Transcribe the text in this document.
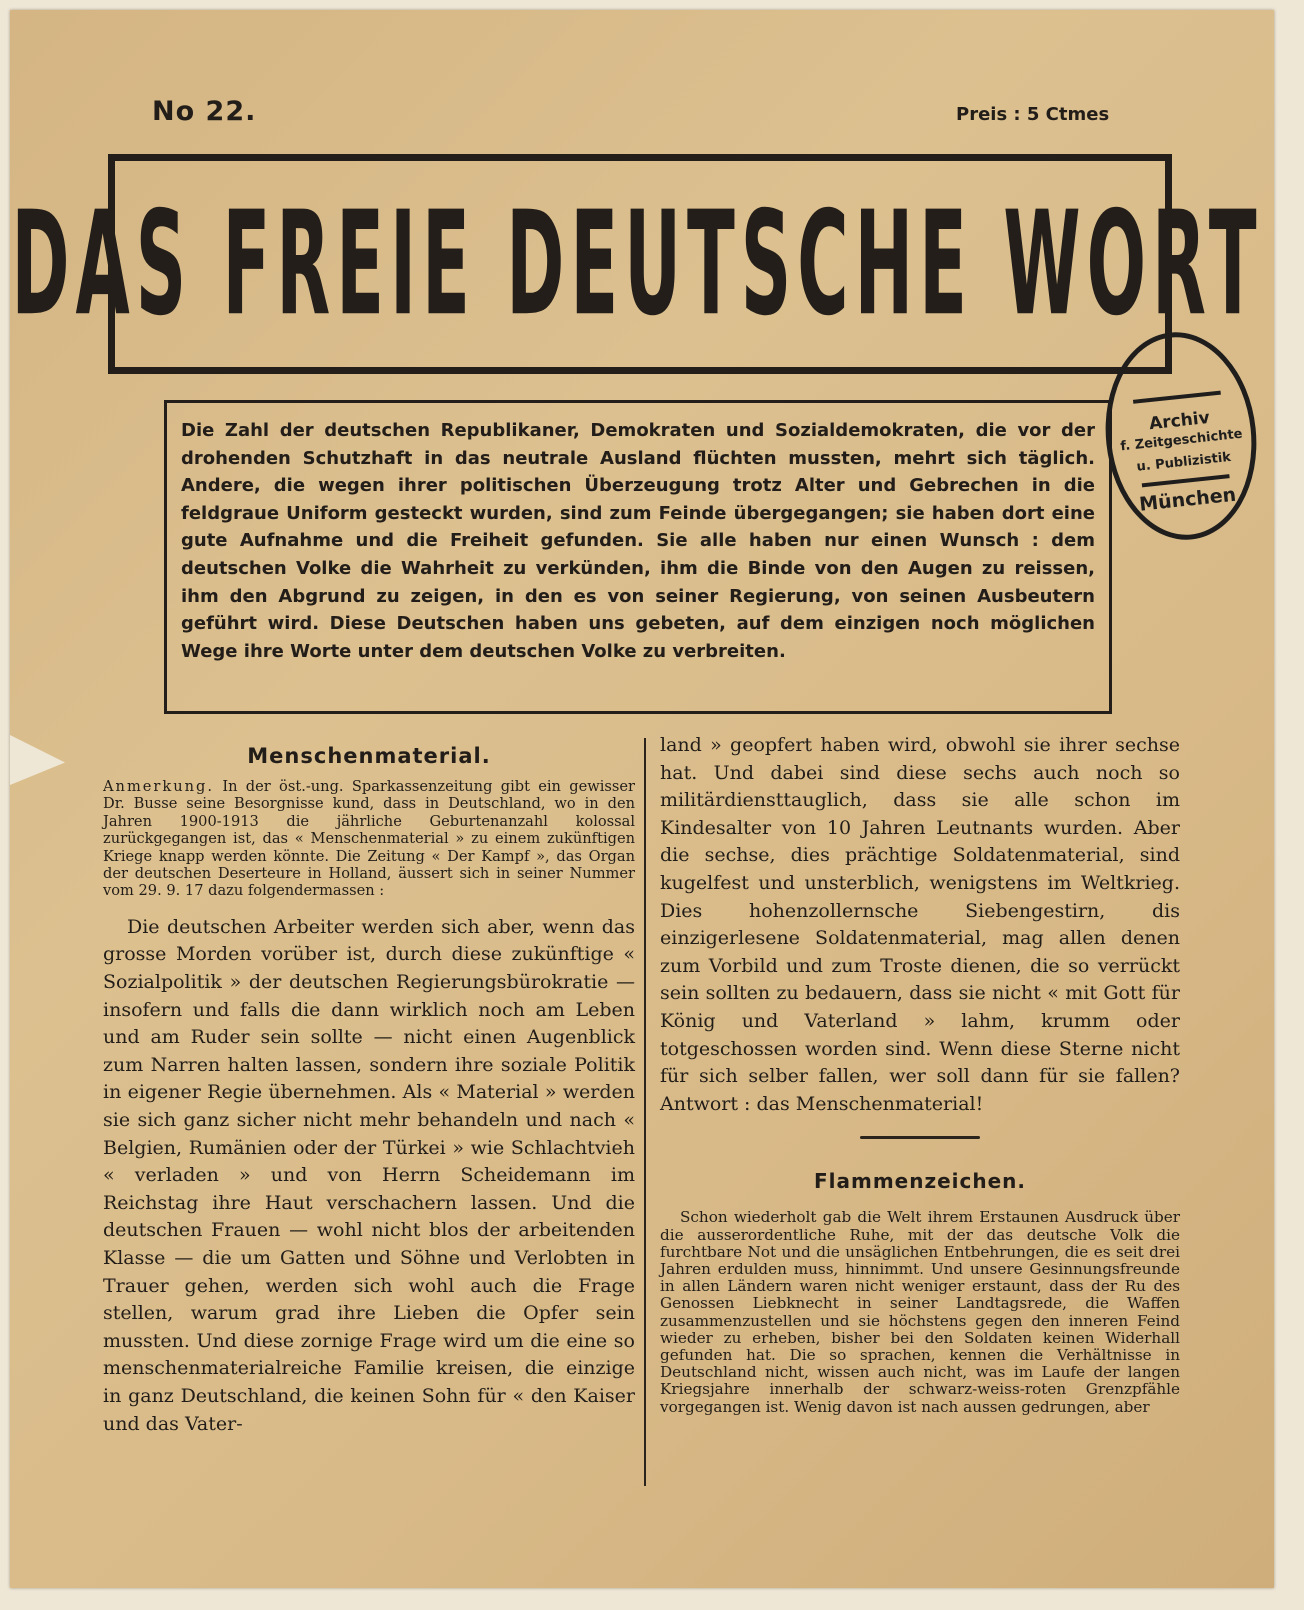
No 22.	Preis : 5 Ctmes
DAS FREIE DEUTSCHE WORT

Die Zahl der deutschen Republikaner, Demokraten und Sozialdemokraten, die vor der drohenden Schutzhaft in das neutrale Ausland flüchten mussten, mehrt sich täglich. Andere, die wegen ihrer politischen Überzeugung trotz Alter und Gebrechen in die feldgraue Uniform gesteckt wurden, sind zum Feinde übergegangen; sie haben dort eine gute Aufnahme und die Freiheit gefunden. Sie alle haben nur einen Wunsch : dem deutschen Volke die Wahrheit zu verkünden, ihm die Binde von den Augen zu reissen, ihm den Abgrund zu zeigen, in den es von seiner Regierung, von seinen Ausbeutern geführt wird. Diese Deutschen haben uns gebeten, auf dem einzigen noch möglichen Wege ihre Worte unter dem deutschen Volke zu verbreiten.

Archiv
f. Zeitgeschichte
u. Publizistik
München
Menschenmaterial.

Anmerkung. In der öst.-ung. Sparkassenzeitung gibt ein gewisser Dr. Busse seine Besorgnisse kund, dass in Deutschland, wo in den Jahren 1900-1913 die jährliche Geburtenanzahl kolossal zurückgegangen ist, das « Menschenmaterial » zu einem zukünftigen Kriege knapp werden könnte. Die Zeitung « Der Kampf », das Organ der deutschen Deserteure in Holland, äussert sich in seiner Nummer vom 29. 9. 17 dazu folgendermassen :

Die deutschen Arbeiter werden sich aber, wenn das grosse Morden vorüber ist, durch diese zukünftige « Sozialpolitik » der deutschen Regierungsbürokratie — insofern und falls die dann wirklich noch am Leben und am Ruder sein sollte — nicht einen Augenblick zum Narren halten lassen, sondern ihre soziale Politik in eigener Regie übernehmen. Als « Material » werden sie sich ganz sicher nicht mehr behandeln und nach « Belgien, Rumänien oder der Türkei » wie Schlachtvieh « verladen » und von Herrn Scheidemann im Reichstag ihre Haut verschachern lassen. Und die deutschen Frauen — wohl nicht blos der arbeitenden Klasse — die um Gatten und Söhne und Verlobten in Trauer gehen, werden sich wohl auch die Frage stellen, warum grad ihre Lieben die Opfer sein mussten. Und diese zornige Frage wird um die eine so menschenmaterialreiche Familie kreisen, die einzige in ganz Deutschland, die keinen Sohn für « den Kaiser und das Vater-

land » geopfert haben wird, obwohl sie ihrer sechse hat. Und dabei sind diese sechs auch noch so militärdiensttauglich, dass sie alle schon im Kindesalter von 10 Jahren Leutnants wurden. Aber die sechse, dies prächtige Soldatenmaterial, sind kugelfest und unsterblich, wenigstens im Weltkrieg. Dies hohenzollernsche Siebengestirn, dis einzigerlesene Soldatenmaterial, mag allen denen zum Vorbild und zum Troste dienen, die so verrückt sein sollten zu bedauern, dass sie nicht « mit Gott für König und Vaterland » lahm, krumm oder totgeschossen worden sind. Wenn diese Sterne nicht für sich selber fallen, wer soll dann für sie fallen? Antwort : das Menschenmaterial!

Flammenzeichen.

Schon wiederholt gab die Welt ihrem Erstaunen Ausdruck über die ausserordentliche Ruhe, mit der das deutsche Volk die furchtbare Not und die unsäglichen Entbehrungen, die es seit drei Jahren erdulden muss, hinnimmt. Und unsere Gesinnungsfreunde in allen Ländern waren nicht weniger erstaunt, dass der Ru des Genossen Liebknecht in seiner Landtagsrede, die Waffen zusammenzustellen und sie höchstens gegen den inneren Feind wieder zu erheben, bisher bei den Soldaten keinen Widerhall gefunden hat. Die so sprachen, kennen die Verhältnisse in Deutschland nicht, wissen auch nicht, was im Laufe der langen Kriegsjahre innerhalb der schwarz-weiss-roten Grenzpfähle vorgegangen ist. Wenig davon ist nach aussen gedrungen, aber
